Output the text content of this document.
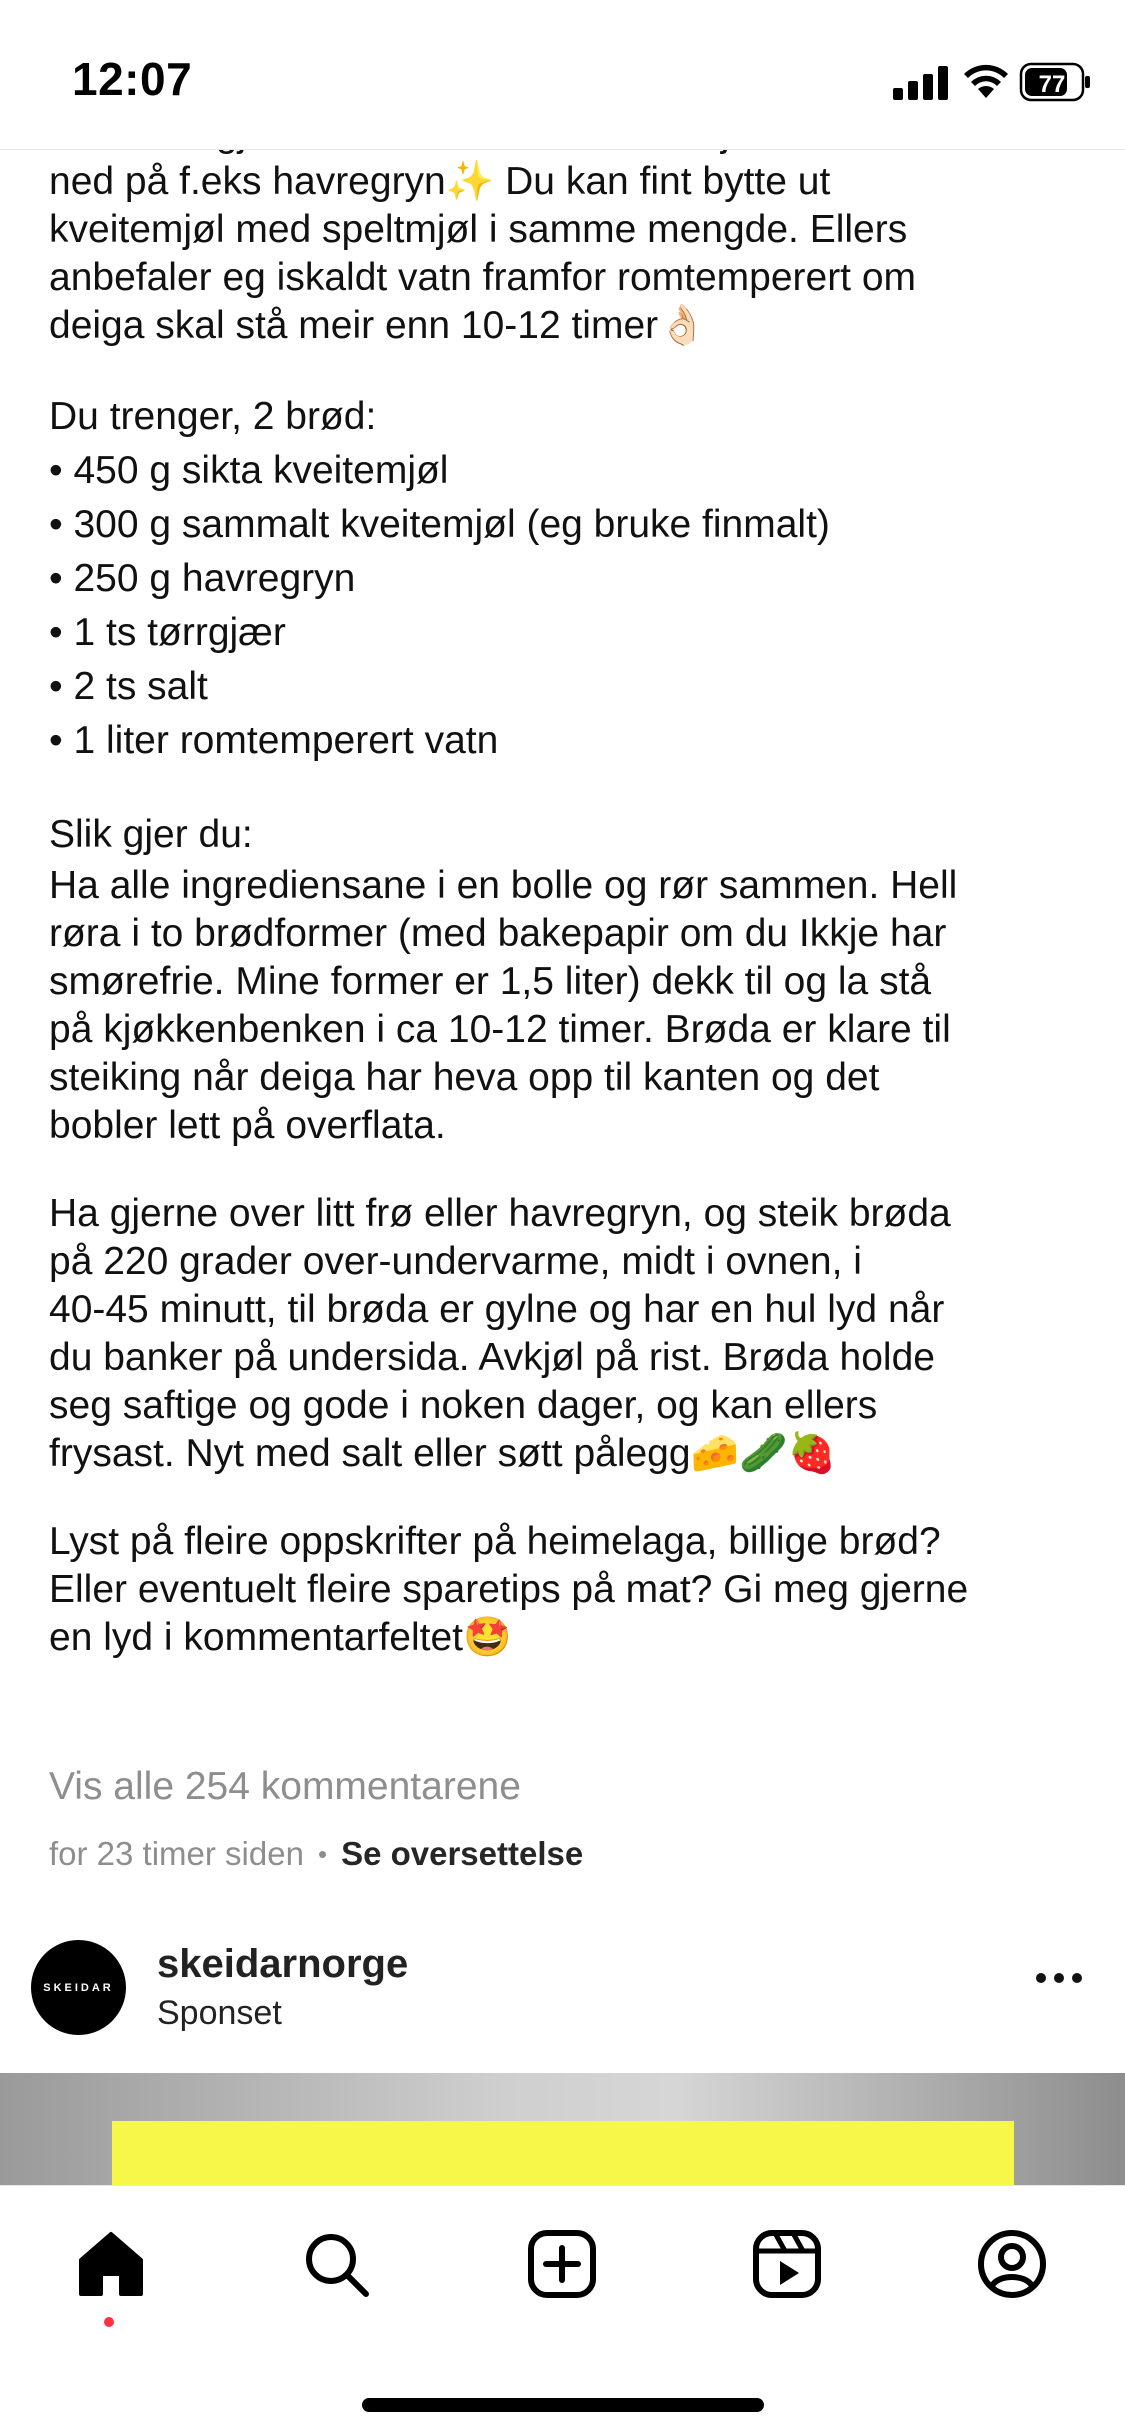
12:07	77

ned på f.eks havregryn✨ Du kan fint bytte ut

kveitemjøl med speltmjøl i samme mengde. Ellers

anbefaler eg iskaldt vatn framfor romtemperert om

deiga skal stå meir enn 10-12 timer👌🏻

Du trenger, 2 brød:

• 450 g sikta kveitemjøl
• 300 g sammalt kveitemjøl (eg bruke finmalt)
• 250 g havregryn
• 1 ts tørrgjær
• 2 ts salt
• 1 liter romtemperert vatn

Slik gjer du:

Ha alle ingrediensane i en bolle og rør sammen. Hell

røra i to brødformer (med bakepapir om du Ikkje har

smørefrie. Mine former er 1,5 liter) dekk til og la stå

på kjøkkenbenken i ca 10-12 timer. Brøda er klare til

steiking når deiga har heva opp til kanten og det

bobler lett på overflata.

Ha gjerne over litt frø eller havregryn, og steik brøda

på 220 grader over-undervarme, midt i ovnen, i

40-45 minutt, til brøda er gylne og har en hul lyd når

du banker på undersida. Avkjøl på rist. Brøda holde

seg saftige og gode i noken dager, og kan ellers

frysast. Nyt med salt eller søtt pålegg🧀🥒🍓

Lyst på fleire oppskrifter på heimelaga, billige brød?

Eller eventuelt fleire sparetips på mat? Gi meg gjerne

en lyd i kommentarfeltet🤩

Vis alle 254 kommentarene
for 23 timer siden • Se oversettelse
SKEIDAR
skeidarnorge
Sponset
